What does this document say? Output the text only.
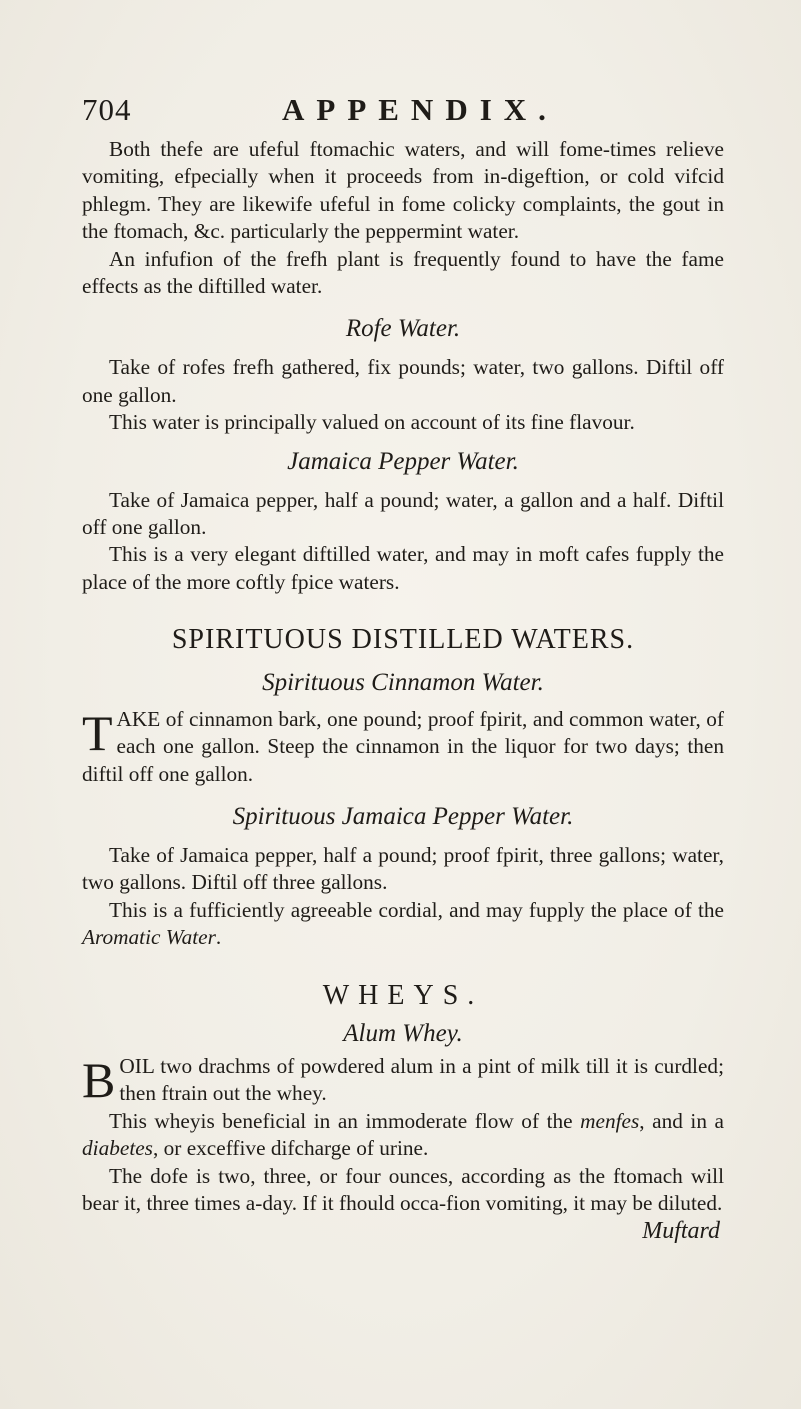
704	APPENDIX.

Both thefe are ufeful ftomachic waters, and will fome-times relieve vomiting, efpecially when it proceeds from in-digeftion, or cold vifcid phlegm. They are likewife ufeful in fome colicky complaints, the gout in the ftomach, &c. particularly the peppermint water.

An infufion of the frefh plant is frequently found to have the fame effects as the diftilled water.

Rofe Water.

Take of rofes frefh gathered, fix pounds; water, two gallons. Diftil off one gallon.

This water is principally valued on account of its fine flavour.

Jamaica Pepper Water.

Take of Jamaica pepper, half a pound; water, a gallon and a half. Diftil off one gallon.

This is a very elegant diftilled water, and may in moft cafes fupply the place of the more coftly fpice waters.

SPIRITUOUS DISTILLED WATERS.

Spirituous Cinnamon Water.

TAKE of cinnamon bark, one pound; proof fpirit, and common water, of each one gallon. Steep the cinnamon in the liquor for two days; then diftil off one gallon.

Spirituous Jamaica Pepper Water.

Take of Jamaica pepper, half a pound; proof fpirit, three gallons; water, two gallons. Diftil off three gallons.

This is a fufficiently agreeable cordial, and may fupply the place of the Aromatic Water.

WHEYS.

Alum Whey.

BOIL two drachms of powdered alum in a pint of milk till it is curdled; then ftrain out the whey.

This wheyis beneficial in an immoderate flow of the menfes, and in a diabetes, or exceffive difcharge of urine.

The dofe is two, three, or four ounces, according as the ftomach will bear it, three times a-day. If it fhould occa-fion vomiting, it may be diluted.

Muftard
